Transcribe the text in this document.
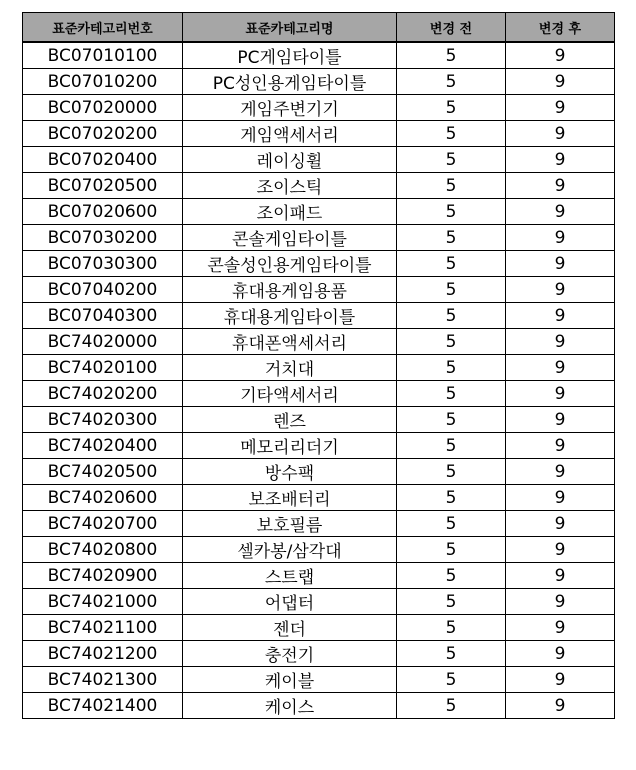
표준카테고리번호	표준카테고리명	변경 전	변경 후
BC07010100	PC게임타이틀	5	9
BC07010200	PC성인용게임타이틀	5	9
BC07020000	게임주변기기	5	9
BC07020200	게임액세서리	5	9
BC07020400	레이싱휠	5	9
BC07020500	조이스틱	5	9
BC07020600	조이패드	5	9
BC07030200	콘솔게임타이틀	5	9
BC07030300	콘솔성인용게임타이틀	5	9
BC07040200	휴대용게임용품	5	9
BC07040300	휴대용게임타이틀	5	9
BC74020000	휴대폰액세서리	5	9
BC74020100	거치대	5	9
BC74020200	기타액세서리	5	9
BC74020300	렌즈	5	9
BC74020400	메모리리더기	5	9
BC74020500	방수팩	5	9
BC74020600	보조배터리	5	9
BC74020700	보호필름	5	9
BC74020800	셀카봉/삼각대	5	9
BC74020900	스트랩	5	9
BC74021000	어댑터	5	9
BC74021100	젠더	5	9
BC74021200	충전기	5	9
BC74021300	케이블	5	9
BC74021400	케이스	5	9
